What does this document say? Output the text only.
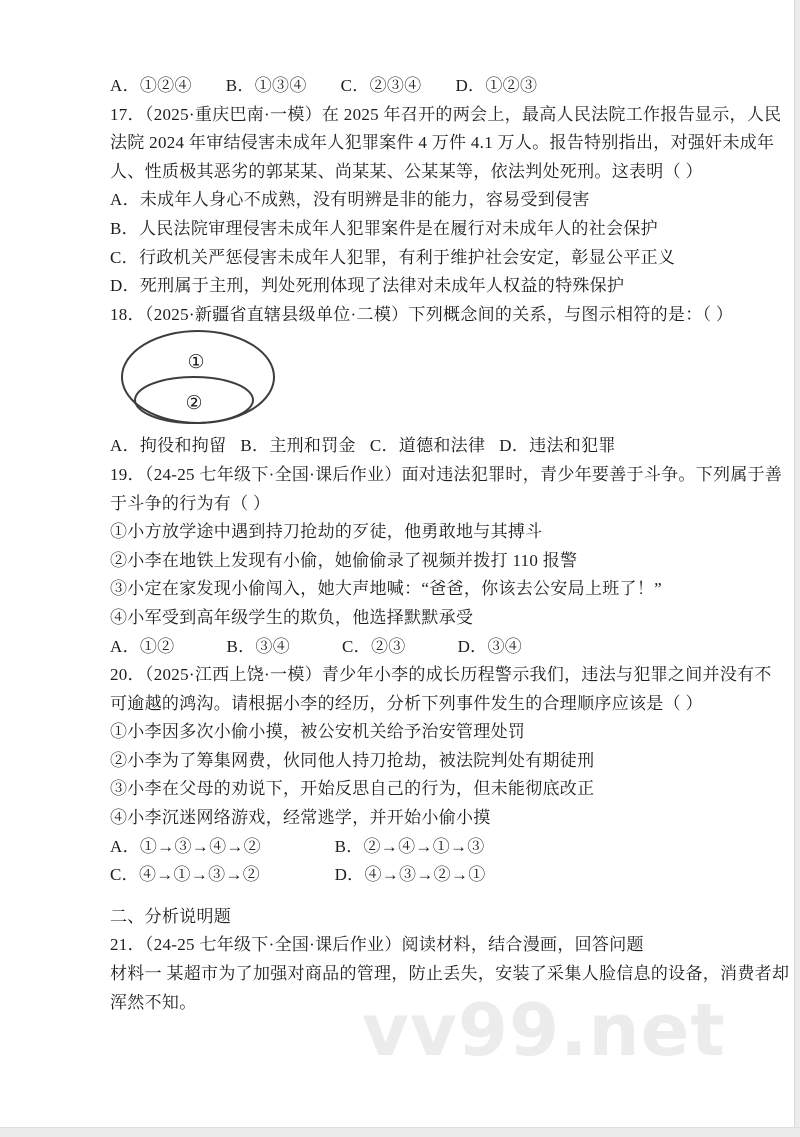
vv99.net
A．①②④ B．①③④ C．②③④ D．①②③
17．（2025·重庆巴南·一模）在 2025 年召开的两会上，最高人民法院工作报告显示，人民
法院 2024 年审结侵害未成年人犯罪案件 4 万件 4.1 万人。报告特别指出，对强奸未成年
人、性质极其恶劣的郭某某、尚某某、公某某等，依法判处死刑。这表明（ ）
A．未成年人身心不成熟，没有明辨是非的能力，容易受到侵害
B．人民法院审理侵害未成年人犯罪案件是在履行对未成年人的社会保护
C．行政机关严惩侵害未成年人犯罪，有利于维护社会安定，彰显公平正义
D．死刑属于主刑，判处死刑体现了法律对未成年人权益的特殊保护
18．（2025·新疆省直辖县级单位·二模）下列概念间的关系，与图示相符的是：（ ）
①
②
A．拘役和拘留 B．主刑和罚金 C．道德和法律 D．违法和犯罪
19．（24-25 七年级下·全国·课后作业）面对违法犯罪时，青少年要善于斗争。下列属于善
于斗争的行为有（ ）
①小方放学途中遇到持刀抢劫的歹徒，他勇敢地与其搏斗
②小李在地铁上发现有小偷，她偷偷录了视频并拨打 110 报警
③小定在家发现小偷闯入，她大声地喊：“爸爸，你该去公安局上班了！”
④小军受到高年级学生的欺负，他选择默默承受
A．①②	B．③④	C．②③	D．③④
20．（2025·江西上饶·一模）青少年小李的成长历程警示我们，违法与犯罪之间并没有不
可逾越的鸿沟。请根据小李的经历，分析下列事件发生的合理顺序应该是（ ）
①小李因多次小偷小摸，被公安机关给予治安管理处罚
②小李为了筹集网费，伙同他人持刀抢劫，被法院判处有期徒刑
③小李在父母的劝说下，开始反思自己的行为，但未能彻底改正
④小李沉迷网络游戏，经常逃学，并开始小偷小摸
A．①→③→④→②	B．②→④→①→③
C．④→①→③→②	D．④→③→②→①
二、分析说明题
21．（24-25 七年级下·全国·课后作业）阅读材料，结合漫画，回答问题
材料一 某超市为了加强对商品的管理，防止丢失，安装了采集人脸信息的设备，消费者却
浑然不知。
